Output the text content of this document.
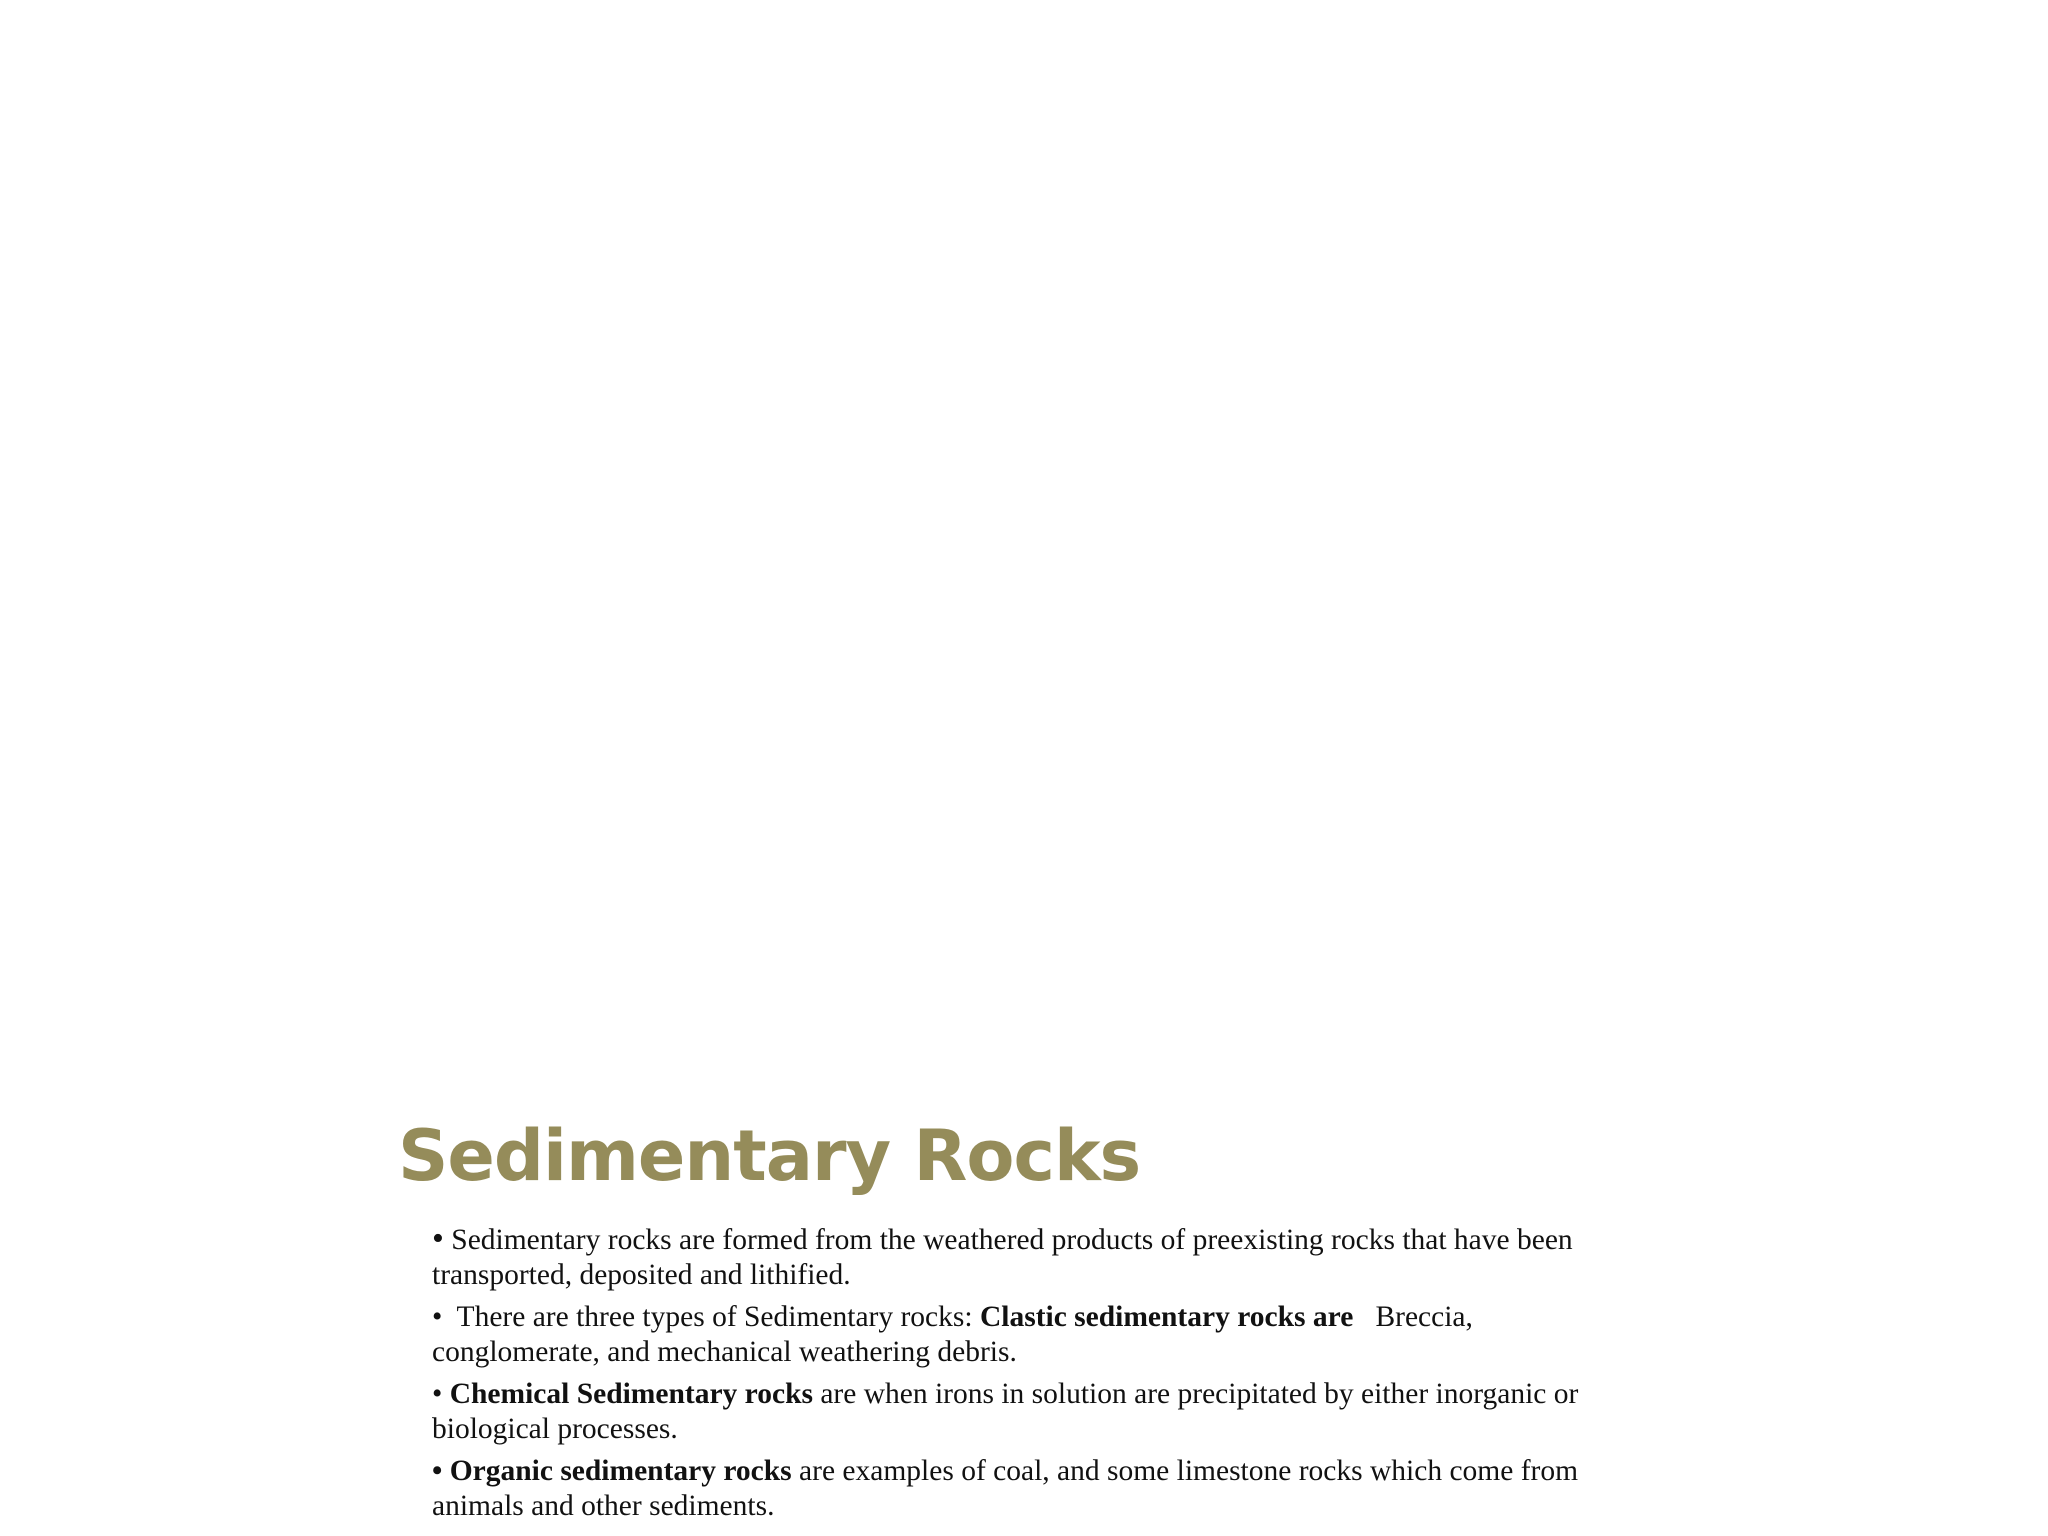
Sedimentary Rocks

• Sedimentary rocks are formed from the weathered products of preexisting rocks that have been transported, deposited and lithified.

•  There are three types of Sedimentary rocks: Clastic sedimentary rocks are   Breccia, conglomerate, and mechanical weathering debris.

• Chemical Sedimentary rocks are when irons in solution are precipitated by either inorganic or biological processes.

• Organic sedimentary rocks are examples of coal, and some limestone rocks which come from animals and other sediments.
